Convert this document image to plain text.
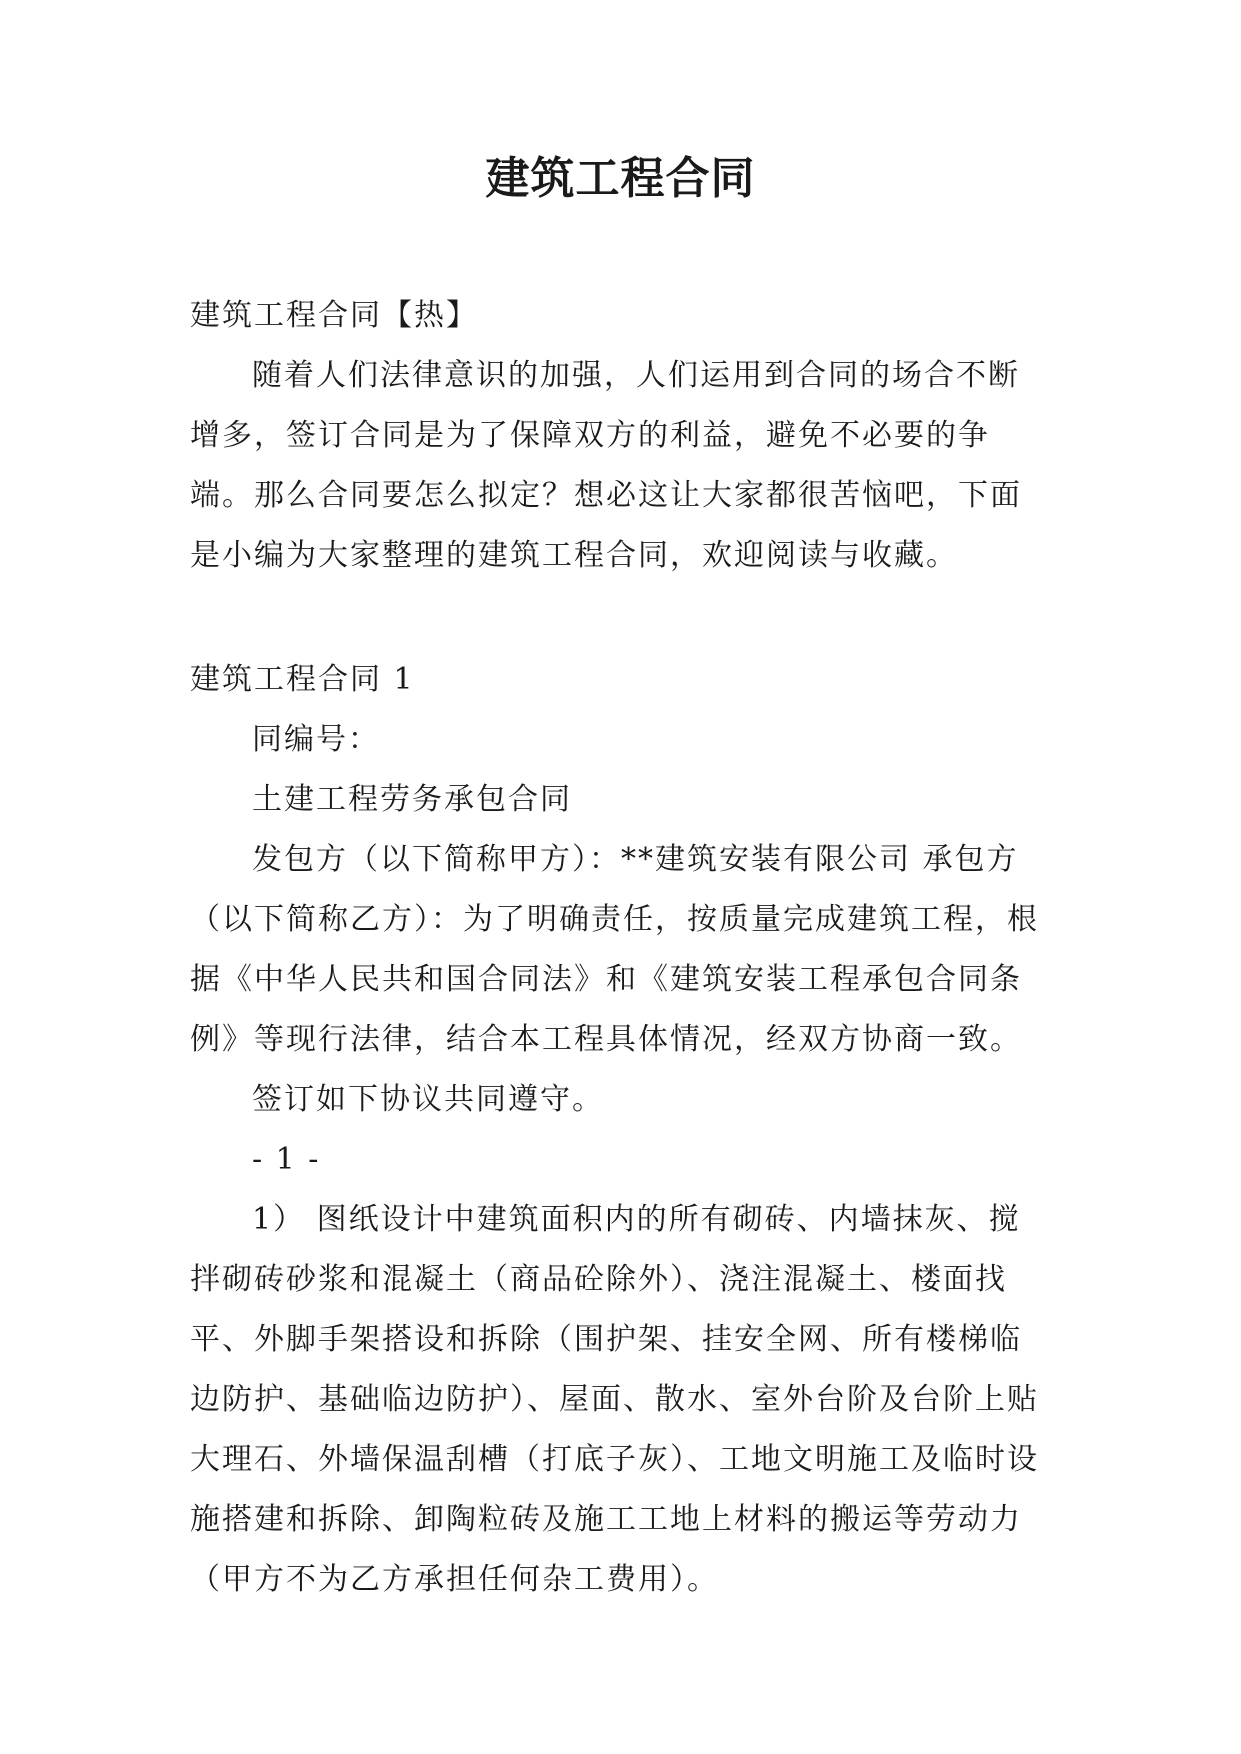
建筑工程合同

建筑工程合同【热】

随着人们法律意识的加强，人们运用到合同的场合不断增多，签订合同是为了保障双方的利益，避免不必要的争端。那么合同要怎么拟定？想必这让大家都很苦恼吧，下面是小编为大家整理的建筑工程合同，欢迎阅读与收藏。

建筑工程合同 1

同编号：

土建工程劳务承包合同

发包方（以下简称甲方）：**建筑安装有限公司 承包方（以下简称乙方）：为了明确责任，按质量完成建筑工程，根据《中华人民共和国合同法》和《建筑安装工程承包合同条例》等现行法律，结合本工程具体情况，经双方协商一致。

签订如下协议共同遵守。

- 1 -

1） 图纸设计中建筑面积内的所有砌砖、内墙抹灰、搅拌砌砖砂浆和混凝土（商品砼除外）、浇注混凝土、楼面找平、外脚手架搭设和拆除（围护架、挂安全网、所有楼梯临边防护、基础临边防护）、屋面、散水、室外台阶及台阶上贴大理石、外墙保温刮槽（打底子灰）、工地文明施工及临时设施搭建和拆除、卸陶粒砖及施工工地上材料的搬运等劳动力（甲方不为乙方承担任何杂工费用）。
